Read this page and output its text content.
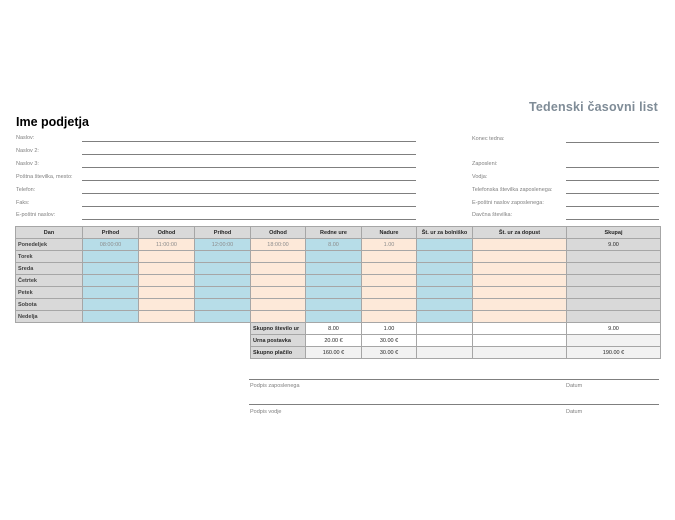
Tedenski časovni list
Ime podjetja
Naslov:
Naslov 2:
Naslov 3:
Poštna številka, mesto:
Telefon:
Faks:
E-poštni naslov:
Konec tedna:
Zaposleni:
Vodja:
Telefonska številka zaposlenega:
E-poštni naslov zaposlenega:
Davčna številka:
Dan	Prihod	Odhod	Prihod	Odhod	Redne ure	Nadure	Št. ur za bolniško	Št. ur za dopust	Skupaj
Ponedeljek	08:00:00	11:00:00	12:00:00	18:00:00	8.00	1.00			9.00
Torek									
Sreda									
Četrtek									
Petek									
Sobota									
Nedelja									
				Skupno število ur	8.00	1.00			9.00
				Urna postavka	20.00 €	30.00 €			
				Skupno plačilo	160.00 €	30.00 €			190.00 €
Podpis zaposlenega	Datum
Podpis vodje	Datum
